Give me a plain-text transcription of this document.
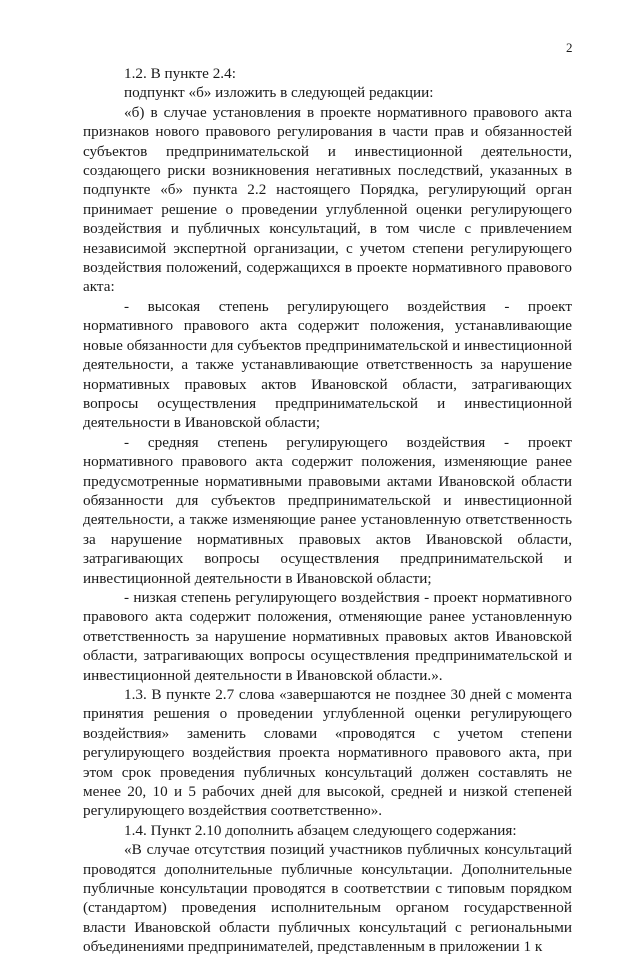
2

1.2. В пункте 2.4:

подпункт «б» изложить в следующей редакции:

«б) в случае установления в проекте нормативного правового акта признаков нового правового регулирования в части прав и обязанностей субъектов предпринимательской и инвестиционной деятельности, создающего риски возникновения негативных последствий, указанных в подпункте «б» пункта 2.2 настоящего Порядка, регулирующий орган принимает решение о проведении углубленной оценки регулирующего воздействия и публичных консультаций, в том числе с привлечением независимой экспертной организации, с учетом степени регулирующего воздействия положений, содержащихся в проекте нормативного правового акта:

- высокая степень регулирующего воздействия - проект нормативного правового акта содержит положения, устанавливающие новые обязанности для субъектов предпринимательской и инвестиционной деятельности, а также устанавливающие ответственность за нарушение нормативных правовых актов Ивановской области, затрагивающих вопросы осуществления предпринимательской и инвестиционной деятельности в Ивановской области;

- средняя степень регулирующего воздействия - проект нормативного правового акта содержит положения, изменяющие ранее предусмотренные нормативными правовыми актами Ивановской области обязанности для субъектов предпринимательской и инвестиционной деятельности, а также изменяющие ранее установленную ответственность за нарушение нормативных правовых актов Ивановской области, затрагивающих вопросы осуществления предпринимательской и инвестиционной деятельности в Ивановской области;

- низкая степень регулирующего воздействия - проект нормативного правового акта содержит положения, отменяющие ранее установленную ответственность за нарушение нормативных правовых актов Ивановской области, затрагивающих вопросы осуществления предпринимательской и инвестиционной деятельности в Ивановской области.».

1.3. В пункте 2.7 слова «завершаются не позднее 30 дней с момента принятия решения о проведении углубленной оценки регулирующего воздействия» заменить словами «проводятся с учетом степени регулирующего воздействия проекта нормативного правового акта, при этом срок проведения публичных консультаций должен составлять не менее 20, 10 и 5 рабочих дней для высокой, средней и низкой степеней регулирующего воздействия соответственно».

1.4. Пункт 2.10 дополнить абзацем следующего содержания:

«В случае отсутствия позиций участников публичных консультаций проводятся дополнительные публичные консультации. Дополнительные публичные консультации проводятся в соответствии с типовым порядком (стандартом) проведения исполнительным органом государственной власти Ивановской области публичных консультаций с региональными объединениями предпринимателей, представленным в приложении 1 к
